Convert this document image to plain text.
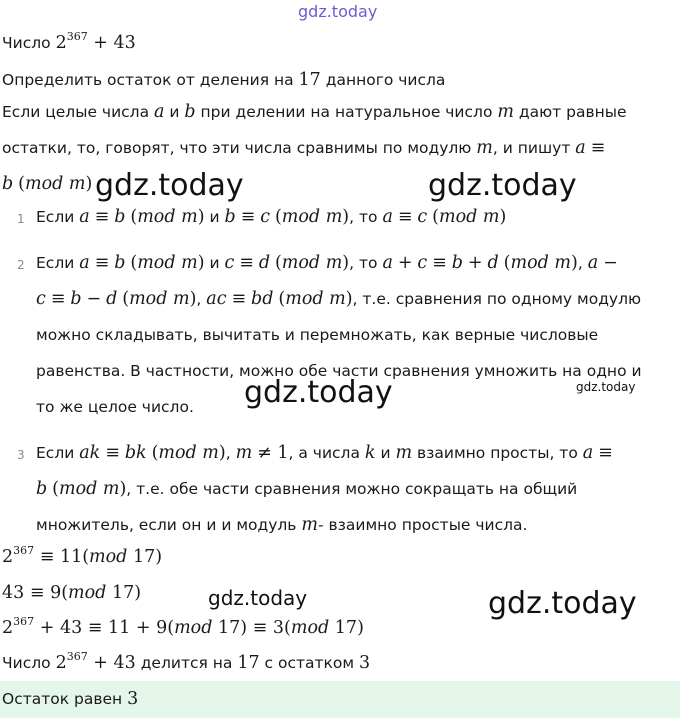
gdz.today
Число $2^{367} + 43$
Определить остаток от деления на 17 данного числа
Если целые числа a и b при делении на натуральное число m дают равные
остатки, то, говорят, что эти числа сравнимы по модулю m, и пишут a ≡
b (mod m) gdz.today	gdz.today
1 Если a ≡ b (mod m) и b ≡ c (mod m), то a ≡ c (mod m)
2 Если a ≡ b (mod m) и c ≡ d (mod m), то a + c ≡ b + d (mod m), a −
c ≡ b − d (mod m), ac ≡ bd (mod m), т.е. сравнения по одному модулю
можно складывать, вычитать и перемножать, как верные числовые
равенства. В частности, можно обе части сравнения умножить на одно и
то же целое число.
gdz.today
gdz.today
3 Если ak ≡ bk (mod m), m ≠ 1, а числа k и m взаимно просты, то a ≡
b (mod m), т.е. обе части сравнения можно сокращать на общий
множитель, если он и и модуль m- взаимно простые числа.
$2^{367} \equiv 11(mod$ 17)
43 ≡ 9(mod 17)	gdz.today	gdz.today
$2^{367} + 43 \equiv 11 + 9(mod$ 17) ≡ 3(mod 17)
Число $2^{367} + 43$ делится на 17 с остатком 3
Остаток равен 3
